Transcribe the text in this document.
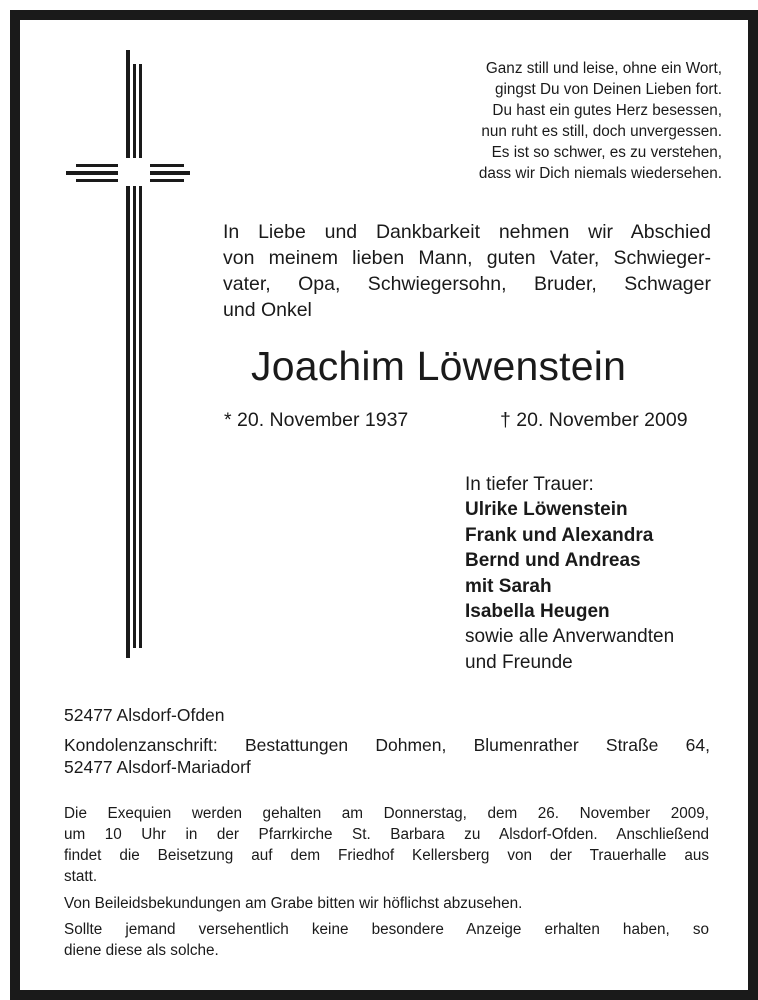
Ganz still und leise, ohne ein Wort,
gingst Du von Deinen Lieben fort.
Du hast ein gutes Herz besessen,
nun ruht es still, doch unvergessen.
Es ist so schwer, es zu verstehen,
dass wir Dich niemals wiedersehen.
In Liebe und Dankbarkeit nehmen wir Abschied
von meinem lieben Mann, guten Vater, Schwieger-
vater, Opa, Schwiegersohn, Bruder, Schwager
und Onkel
Joachim Löwenstein
* 20. November 1937	† 20. November 2009
In tiefer Trauer:
Ulrike Löwenstein
Frank und Alexandra
Bernd und Andreas
mit Sarah
Isabella Heugen
sowie alle Anverwandten
und Freunde
52477 Alsdorf-Ofden
Kondolenzanschrift: Bestattungen Dohmen, Blumenrather Straße 64,
52477 Alsdorf-Mariadorf
Die Exequien werden gehalten am Donnerstag, dem 26. November 2009,
um 10 Uhr in der Pfarrkirche St. Barbara zu Alsdorf-Ofden. Anschließend
findet die Beisetzung auf dem Friedhof Kellersberg von der Trauerhalle aus
statt.
Von Beileidsbekundungen am Grabe bitten wir höflichst abzusehen.
Sollte jemand versehentlich keine besondere Anzeige erhalten haben, so
diene diese als solche.
